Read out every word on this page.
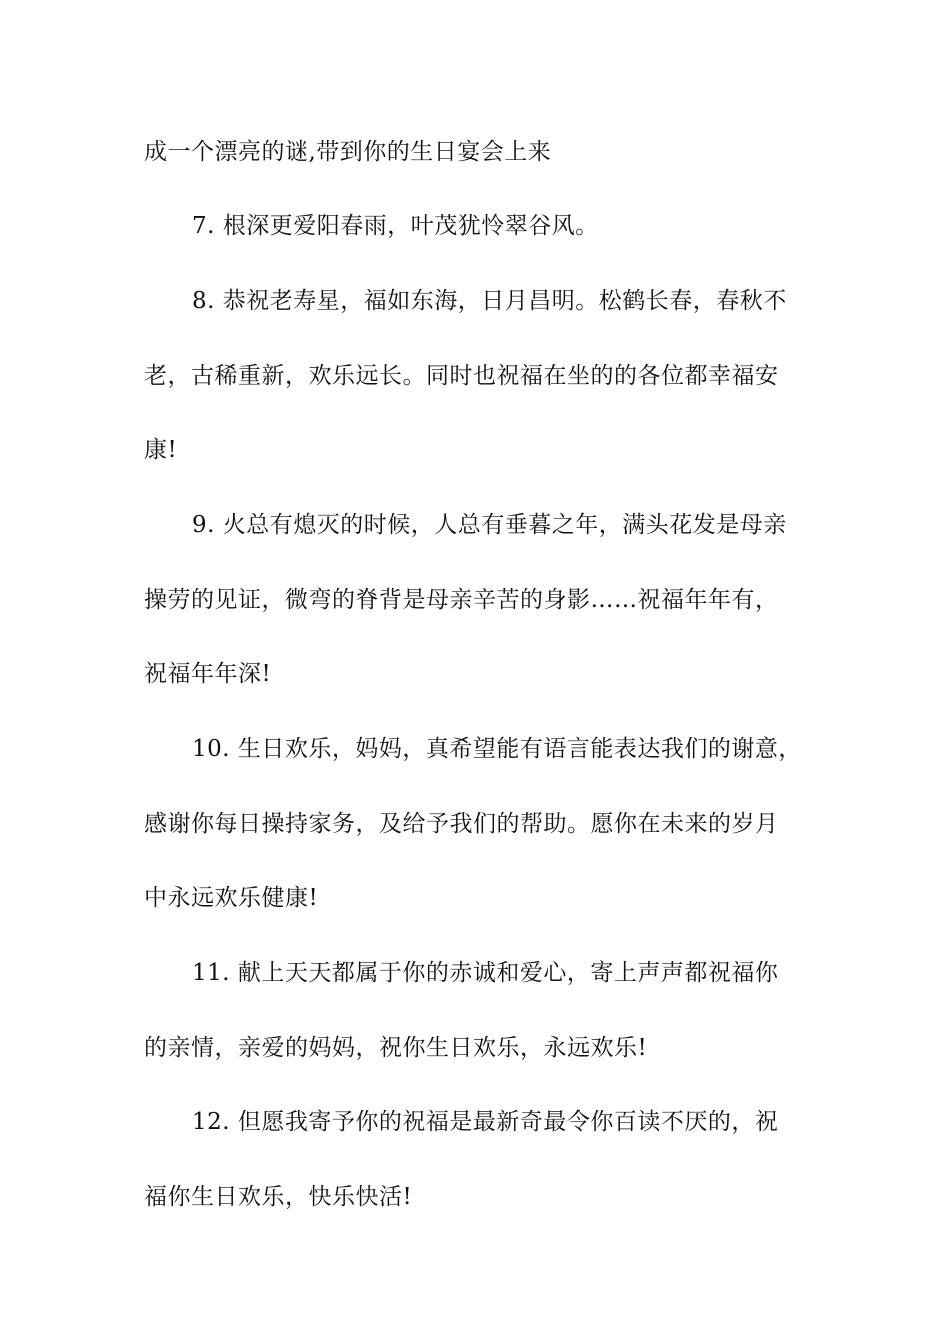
成一个漂亮的谜,带到你的生日宴会上来
7. 根深更爱阳春雨，叶茂犹怜翠谷风。
8. 恭祝老寿星，福如东海，日月昌明。松鹤长春，春秋不
老，古稀重新，欢乐远长。同时也祝福在坐的的各位都幸福安
康!
9. 火总有熄灭的时候，人总有垂暮之年，满头花发是母亲
操劳的见证，微弯的脊背是母亲辛苦的身影……祝福年年有，
祝福年年深!
10. 生日欢乐，妈妈，真希望能有语言能表达我们的谢意，
感谢你每日操持家务，及给予我们的帮助。愿你在未来的岁月
中永远欢乐健康!
11. 献上天天都属于你的赤诚和爱心，寄上声声都祝福你
的亲情，亲爱的妈妈，祝你生日欢乐，永远欢乐!
12. 但愿我寄予你的祝福是最新奇最令你百读不厌的，祝
福你生日欢乐，快乐快活!
